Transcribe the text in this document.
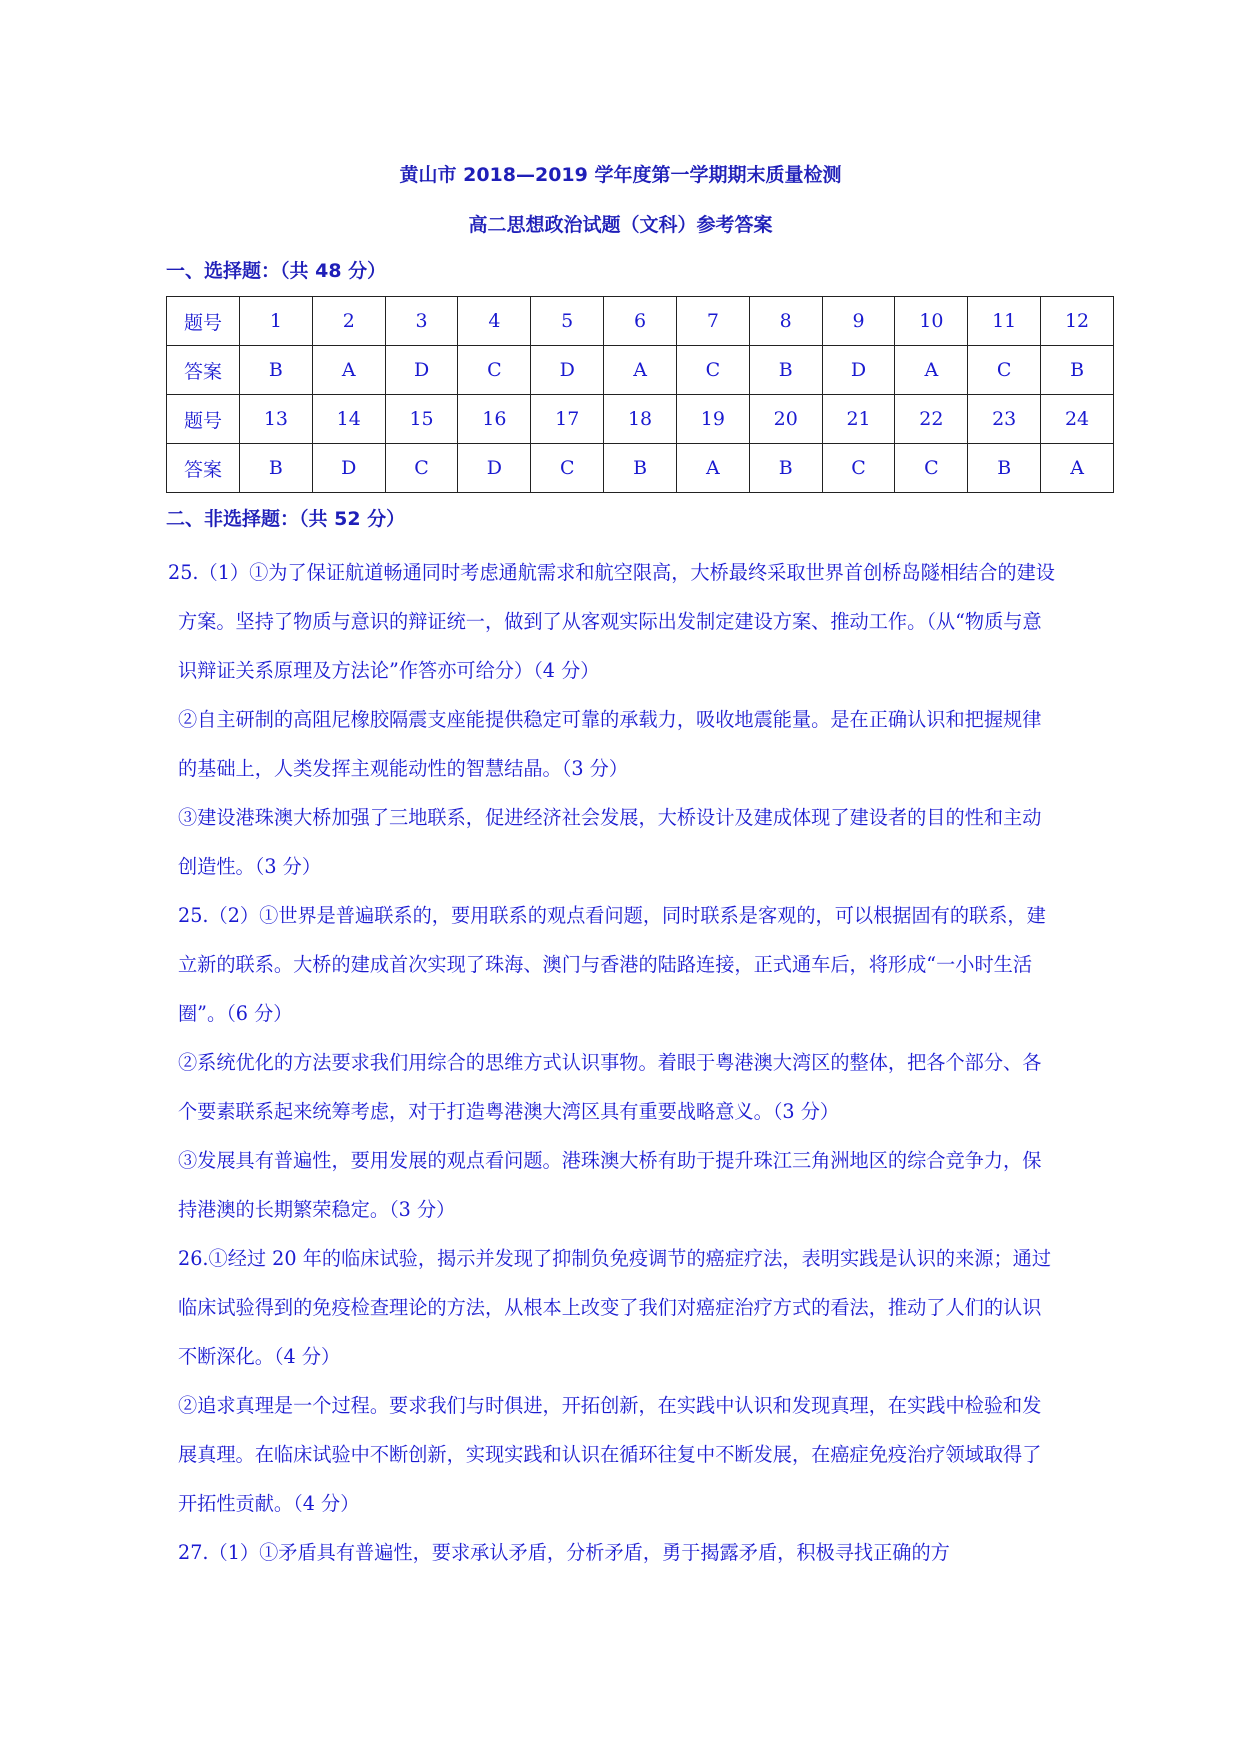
黄山市 2018—2019 学年度第一学期期末质量检测
高二思想政治试题（文科）参考答案
一、选择题：（共 48 分）
题号	1	2	3	4	5	6	7	8	9	10	11	12
答案	B	A	D	C	D	A	C	B	D	A	C	B
题号	13	14	15	16	17	18	19	20	21	22	23	24
答案	B	D	C	D	C	B	A	B	C	C	B	A
二、非选择题：（共 52 分）

25.（1）①为了保证航道畅通同时考虑通航需求和航空限高，大桥最终采取世界首创桥岛隧相结合的建设方案。坚持了物质与意识的辩证统一，做到了从客观实际出发制定建设方案、推动工作。（从“物质与意识辩证关系原理及方法论”作答亦可给分）（4 分）

②自主研制的高阻尼橡胶隔震支座能提供稳定可靠的承载力，吸收地震能量。是在正确认识和把握规律的基础上，人类发挥主观能动性的智慧结晶。（3 分）

③建设港珠澳大桥加强了三地联系，促进经济社会发展，大桥设计及建成体现了建设者的目的性和主动创造性。（3 分）

25.（2）①世界是普遍联系的，要用联系的观点看问题，同时联系是客观的，可以根据固有的联系，建立新的联系。大桥的建成首次实现了珠海、澳门与香港的陆路连接，正式通车后，将形成“一小时生活圈”。（6 分）

②系统优化的方法要求我们用综合的思维方式认识事物。着眼于粤港澳大湾区的整体，把各个部分、各个要素联系起来统筹考虑，对于打造粤港澳大湾区具有重要战略意义。（3 分）

③发展具有普遍性，要用发展的观点看问题。港珠澳大桥有助于提升珠江三角洲地区的综合竞争力，保持港澳的长期繁荣稳定。（3 分）

26.①经过 20 年的临床试验，揭示并发现了抑制负免疫调节的癌症疗法，表明实践是认识的来源；通过临床试验得到的免疫检查理论的方法，从根本上改变了我们对癌症治疗方式的看法，推动了人们的认识不断深化。（4 分）

②追求真理是一个过程。要求我们与时俱进，开拓创新，在实践中认识和发现真理，在实践中检验和发展真理。在临床试验中不断创新，实现实践和认识在循环往复中不断发展，在癌症免疫治疗领域取得了开拓性贡献。（4 分）

27.（1）①矛盾具有普遍性，要求承认矛盾，分析矛盾，勇于揭露矛盾，积极寻找正确的方
